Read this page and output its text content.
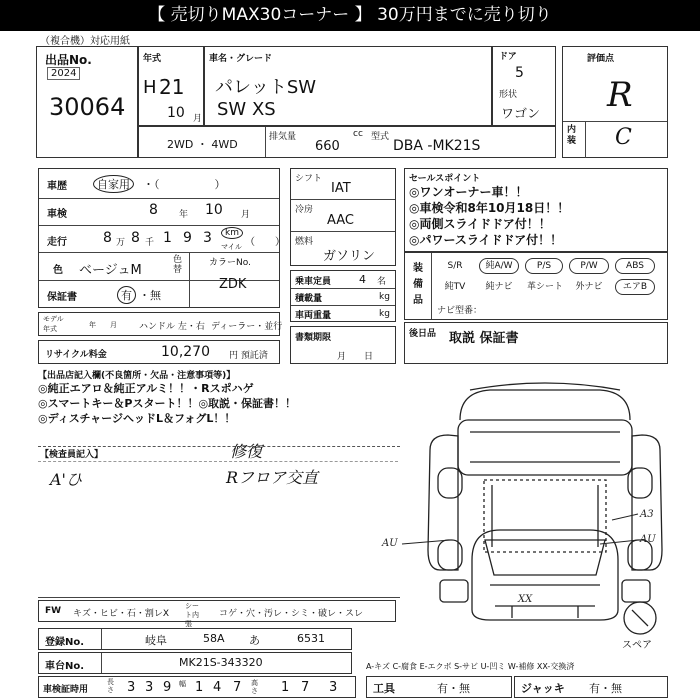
【 売切りMAX30コーナー 】 30万円までに売り切り
（複合機）対応用紙
出品No.
2024
30064
年式
H 21
10 月
車名・グレード
パレットSW
SW XS
ドア
5
形状
ワゴン
評価点
R
内装 C
2WD ・ 4WD
排気量
660
cc 型式
DBA -MK21S
車歴	自家用	・（　　　　　）
車検	8 年 10 月
走行	8 万 8 千 1 9 3	km
マイル （　　）
色 ベージュM
色替
カラーNo.
ZDK
保証書	有 ・無
モデル
年式	年　　月 ハンドル 左・右 ディーラー・並行
リサイクル料金	10,270 円 預託済
シフト
IAT
冷房
AAC
燃料
ガソリン
乗車定員	4 名
積載量	kg
車両重量	kg
書類期限
月　　日
セールスポイント
◎ワンオーナー車！！
◎車検令和8年10月18日！！
◎両側スライドドア付！！
◎パワースライドドア付！！
装備品
S/R	純A/W	P/S	P/W	ABS
純TV	純ナビ	革シート	外ナビ	エアB
ナビ型番：
後日品 取説 保証書
【出品店記入欄(不良箇所・欠品・注意事項等)】
◎純正エアロ＆純正アルミ！！・Rスポハゲ
◎スマートキー＆Pスタート！！◎取説・保証書！！
◎ディスチャージヘッドL＆フォグL！！
【検査員記入】
A'ひ
修復
Rフロア交直
AU
A3
AU
XX
スペア
FW キズ・ヒビ・石・割レX
シート内張
コゲ・穴・汚レ・シミ・破レ・スレ
登録No.	岐阜	58A あ	6531
車台No.	MK21S-343320
車検証時用
長さ 3 3 9 幅 1 4 7 高さ 1 7 3
A-キズ C-腐食 E-エクボ S-サビ U-凹ミ W-補修 XX-交換済
工具	有・無	ジャッキ 有・無
